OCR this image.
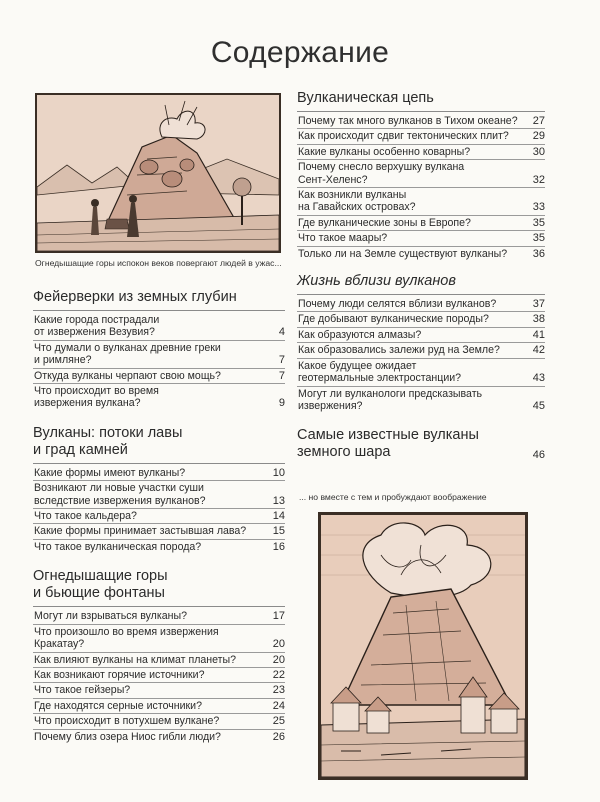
Содержание
Огнедышащие горы испокон веков повергают людей в ужас...
Фейерверки из земных глубин
Какие города пострадали
от извержения Везувия?	4
Что думали о вулканах древние греки
и римляне?	7
Откуда вулканы черпают свою мощь?	7
Что происходит во время
извержения вулкана?	9
Вулканы: потоки лавы
и град камней
Какие формы имеют вулканы?	10
Возникают ли новые участки суши
вследствие извержения вулканов?	13
Что такое кальдера?	14
Какие формы принимает застывшая лава?	15
Что такое вулканическая порода?	16
Огнедышащие горы
и бьющие фонтаны
Могут ли взрываться вулканы?	17
Что произошло во время извержения
Кракатау?	20
Как влияют вулканы на климат планеты?	20
Как возникают горячие источники?	22
Что такое гейзеры?	23
Где находятся серные источники?	24
Что происходит в потухшем вулкане?	25
Почему близ озера Ниос гибли люди?	26
Вулканическая цепь
Почему так много вулканов в Тихом океане?	27
Как происходит сдвиг тектонических плит?	29
Какие вулканы особенно коварны?	30
Почему снесло верхушку вулкана
Сент-Хеленс?	32
Как возникли вулканы
на Гавайских островах?	33
Где вулканические зоны в Европе?	35
Что такое маары?	35
Только ли на Земле существуют вулканы?	36
Жизнь вблизи вулканов
Почему люди селятся вблизи вулканов?	37
Где добывают вулканические породы?	38
Как образуются алмазы?	41
Как образовались залежи руд на Земле?	42
Какое будущее ожидает
геотермальные электростанции?	43
Могут ли вулканологи предсказывать
извержения?	45
Самые известные вулканы
земного шара	46
... но вместе с тем и пробуждают воображение
